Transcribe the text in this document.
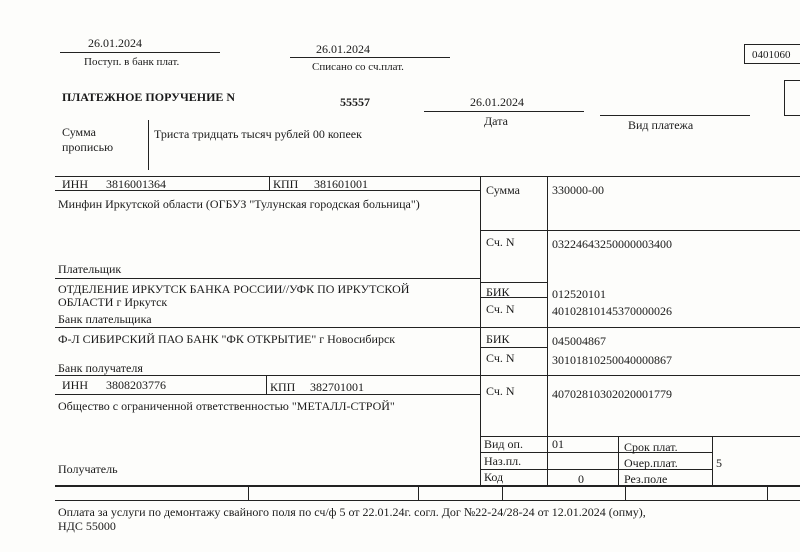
26.01.2024
Поступ. в банк плат.
26.01.2024
Списано со сч.плат.
0401060
ПЛАТЕЖНОЕ ПОРУЧЕНИЕ N	55557	26.01.2024
Дата	Вид платежа
Сумма
прописью
Триста тридцать тысяч рублей 00 копеек
ИНН 3816001364	КПП 381601001
Минфин Иркутской области (ОГБУЗ "Тулунская городская больница")
Плательщик
Сумма	330000-00
Сч. N	03224643250000003400
ОТДЕЛЕНИЕ ИРКУТСК БАНКА РОССИИ//УФК ПО ИРКУТСКОЙ
ОБЛАСТИ г Иркутск
Банк плательщика
БИК	012520101
Сч. N	40102810145370000026
Ф-Л СИБИРСКИЙ ПАО БАНК "ФК ОТКРЫТИЕ" г Новосибирск
Банк получателя
БИК	045004867
Сч. N	30101810250040000867
ИНН 3808203776	КПП 382701001
Общество с ограниченной ответственностью "МЕТАЛЛ-СТРОЙ"
Получатель
Сч. N	40702810302020001779
Вид оп. 01	Срок плат.
Наз.пл.	Очер.плат.	5
Код	0	Рез.поле
Оплата за услуги по демонтажу свайного поля по сч/ф 5 от 22.01.24г. согл. Дог №22-24/28-24 от 12.01.2024 (опму),
НДС 55000
